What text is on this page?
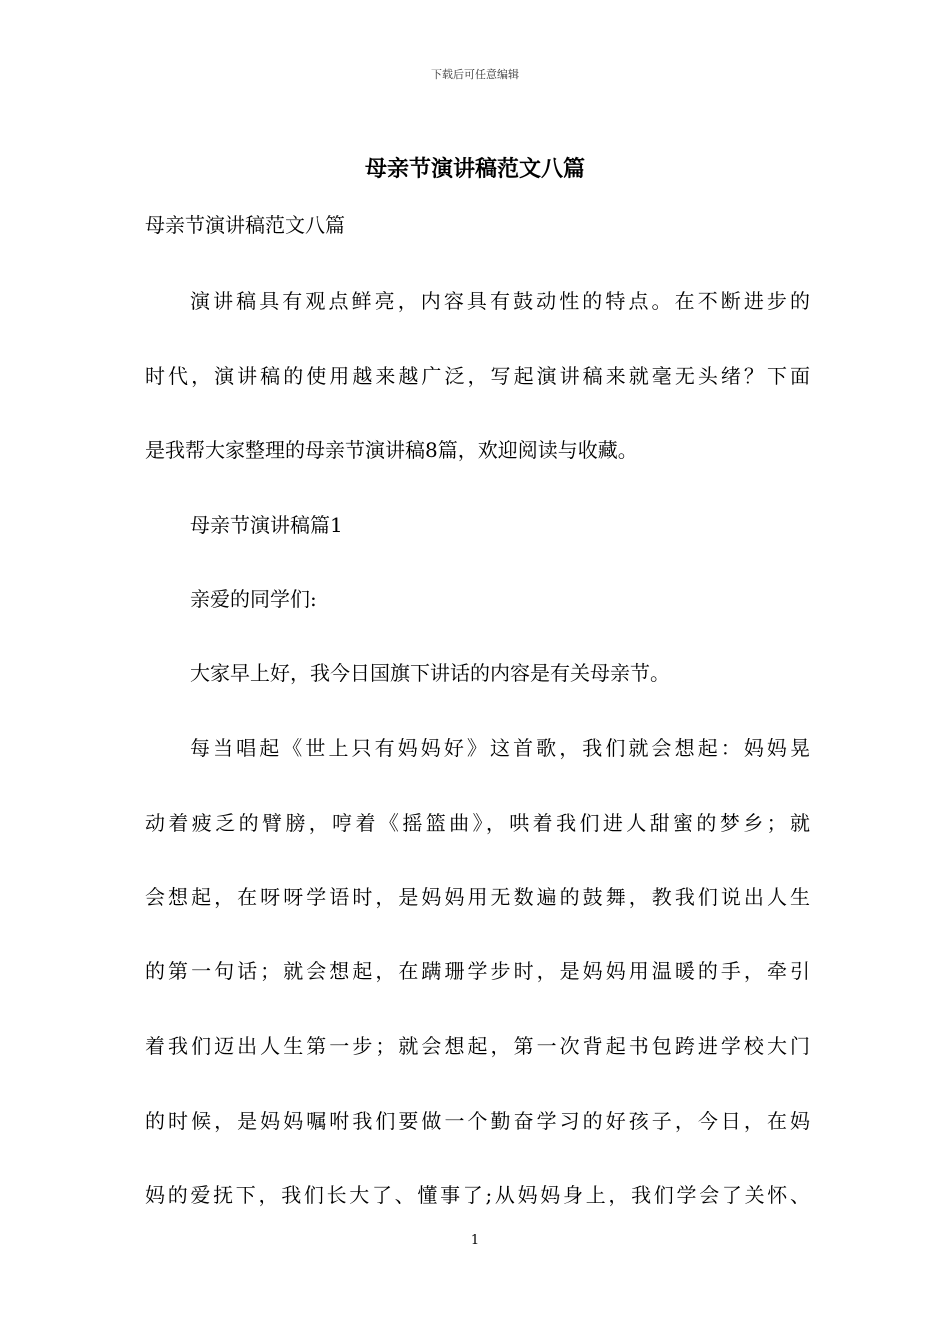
下载后可任意编辑
母亲节演讲稿范文八篇
母亲节演讲稿范文八篇
演讲稿具有观点鲜亮，内容具有鼓动性的特点。在不断进步的
时代，演讲稿的使用越来越广泛，写起演讲稿来就毫无头绪？下面
是我帮大家整理的母亲节演讲稿8篇，欢迎阅读与收藏。
母亲节演讲稿篇1
亲爱的同学们:
大家早上好，我今日国旗下讲话的内容是有关母亲节。
每当唱起《世上只有妈妈好》这首歌，我们就会想起：妈妈晃
动着疲乏的臂膀，哼着《摇篮曲》，哄着我们进人甜蜜的梦乡；就
会想起，在呀呀学语时，是妈妈用无数遍的鼓舞，教我们说出人生
的第一句话；就会想起，在蹒珊学步时，是妈妈用温暖的手，牵引
着我们迈出人生第一步；就会想起，第一次背起书包跨进学校大门
的时候，是妈妈嘱咐我们要做一个勤奋学习的好孩子，今日，在妈
妈的爱抚下，我们长大了、懂事了;从妈妈身上，我们学会了关怀、
1
